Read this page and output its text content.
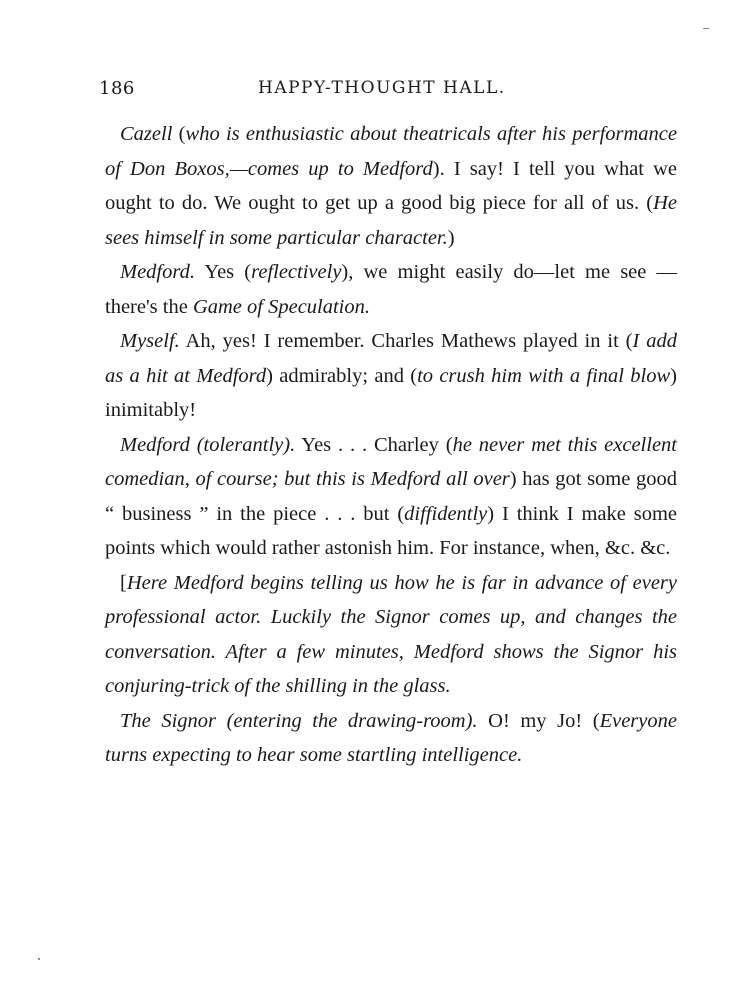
186	HAPPY-THOUGHT HALL.

Cazell (who is enthusiastic about theatricals after his performance of Don Boxos,—comes up to Medford). I say! I tell you what we ought to do. We ought to get up a good big piece for all of us. (He sees himself in some particular character.)

Medford. Yes (reflectively), we might easily do—let me see —there's the Game of Speculation.

Myself. Ah, yes! I remember. Charles Mathews played in it (I add as a hit at Medford) admirably; and (to crush him with a final blow) inimitably!

Medford (tolerantly). Yes . . . Charley (he never met this excellent comedian, of course; but this is Medford all over) has got some good “ business ” in the piece . . . but (diffidently) I think I make some points which would rather astonish him. For instance, when, &c. &c.

[Here Medford begins telling us how he is far in advance of every professional actor. Luckily the Signor comes up, and changes the conversation. After a few minutes, Medford shows the Signor his conjuring-trick of the shilling in the glass.

The Signor (entering the drawing-room). O! my Jo! (Everyone turns expecting to hear some startling intelligence.
